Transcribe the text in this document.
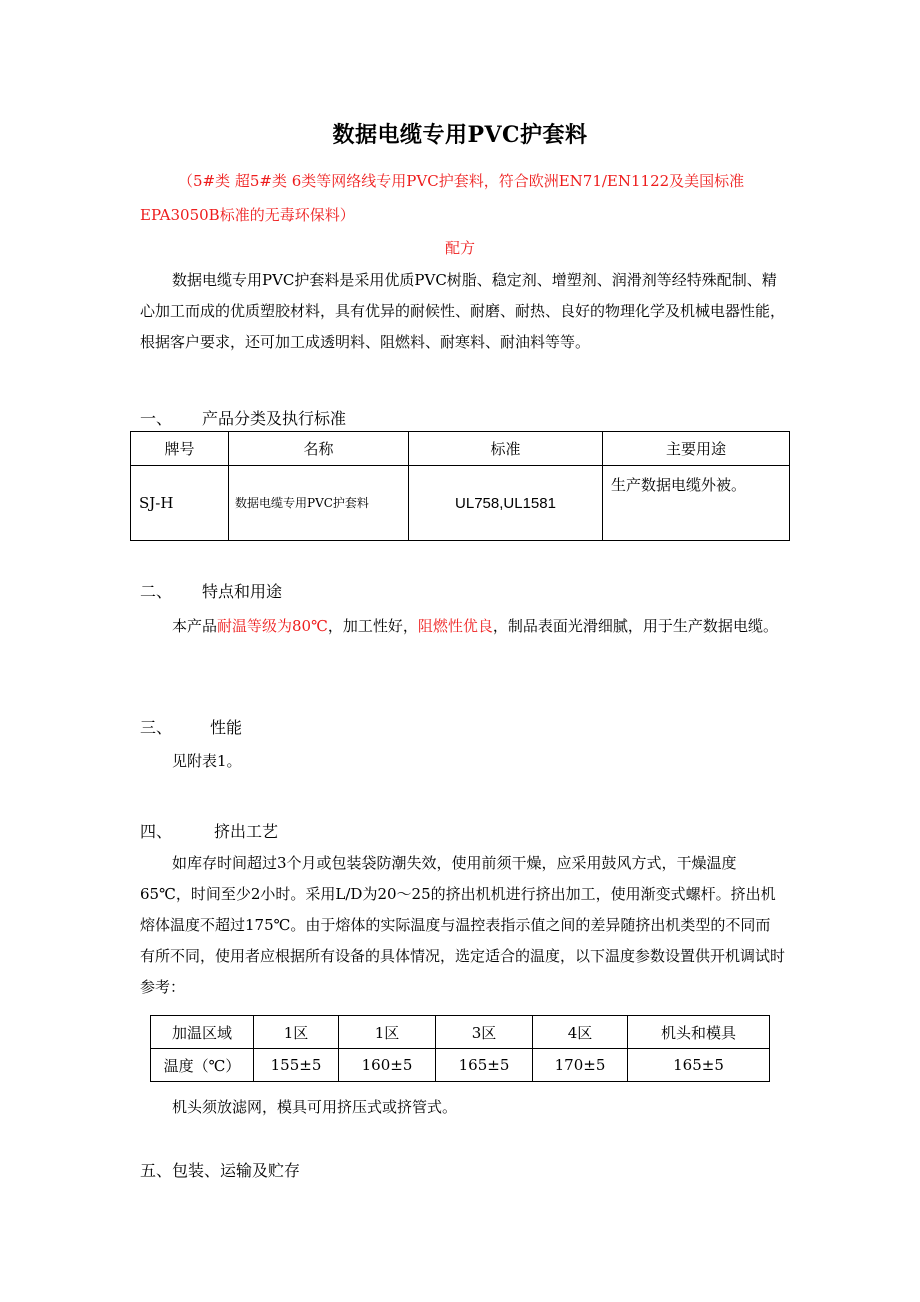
数据电缆专用PVC护套料
（5#类 超5#类 6类等网络线专用PVC护套料，符合欧洲EN71/EN1122及美国标准
EPA3050B标准的无毒环保料）
配方
数据电缆专用PVC护套料是采用优质PVC树脂、稳定剂、增塑剂、润滑剂等经特殊配制、精心加工而成的优质塑胶材料，具有优异的耐候性、耐磨、耐热、良好的物理化学及机械电器性能，根据客户要求，还可加工成透明料、阻燃料、耐寒料、耐油料等等。
一、 产品分类及执行标准
牌号	名称	标准	主要用途
SJ-H	数据电缆专用PVC护套料	UL758,UL1581	生产数据电缆外被。
二、 特点和用途
本产品耐温等级为80℃，加工性好，阻燃性优良，制品表面光滑细腻，用于生产数据电缆。
三、 性能
见附表1。
四、	挤出工艺
如库存时间超过3个月或包装袋防潮失效，使用前须干燥，应采用鼓风方式，干燥温度65℃，时间至少2小时。采用L/D为20～25的挤出机机进行挤出加工，使用渐变式螺杆。挤出机熔体温度不超过175℃。由于熔体的实际温度与温控表指示值之间的差异随挤出机类型的不同而有所不同，使用者应根据所有设备的具体情况，选定适合的温度，以下温度参数设置供开机调试时参考：
加温区域	1区	1区	3区	4区	机头和模具
温度（℃）	155±5	160±5	165±5	170±5	165±5
机头须放滤网，模具可用挤压式或挤管式。
五、包装、运输及贮存
